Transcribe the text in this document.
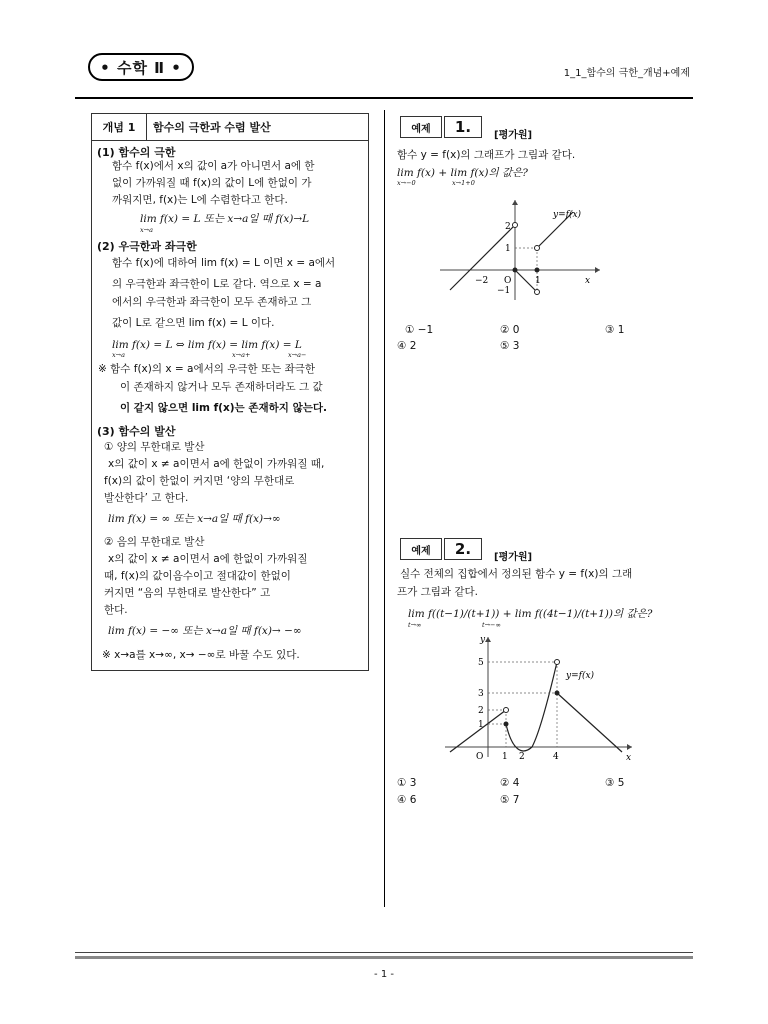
• 수학 Ⅱ •	1_1_함수의 극한_개념+예제
개념 1	함수의 극한과 수렴 발산
(1) 함수의 극한
함수 f(x)에서 x의 값이 a가 아니면서 a에 한
없이 가까워질 때 f(x)의 값이 L에 한없이 가
까워지면, f(x)는 L에 수렴한다고 한다.
lim f(x) = L 또는 x→a일 때 f(x)→L
x→a
(2) 우극한과 좌극한
함수 f(x)에 대하여 lim f(x) = L 이면 x = a에서
의 우극한과 좌극한이 L로 같다. 역으로 x = a
에서의 우극한과 좌극한이 모두 존재하고 그
값이 L로 같으면 lim f(x) = L 이다.
lim f(x) = L ⇔ lim f(x) = lim f(x) = L
x→a	x→a+	x→a−
※ 함수 f(x)의 x = a에서의 우극한 또는 좌극한
이 존재하지 않거나 모두 존재하더라도 그 값
이 같지 않으면 lim f(x)는 존재하지 않는다.
(3) 함수의 발산
① 양의 무한대로 발산
x의 값이 x ≠ a이면서 a에 한없이 가까워질 때,
f(x)의 값이 한없이 커지면 ‘양의 무한대로
발산한다’ 고 한다.
lim f(x) = ∞ 또는 x→a일 때 f(x)→∞
② 음의 무한대로 발산
x의 값이 x ≠ a이면서 a에 한없이 가까워질
때, f(x)의 값이음수이고 절대값이 한없이
커지면 “음의 무한대로 발산한다” 고
한다.
lim f(x) = −∞ 또는 x→a일 때 f(x)→ −∞
※ x→a를 x→∞, x→ −∞로 바꿀 수도 있다.
예제	1.	[평가원]
함수 y = f(x)의 그래프가 그림과 같다.
lim f(x) + lim f(x)의 값은?
x→−0	x→1+0
y=f(x)
−2 O	1
2
1
−1
x
① −1	② 0	③ 1
④ 2	⑤ 3
예제	2.	[평가원]
실수 전체의 집합에서 정의된 함수 y = f(x)의 그래
프가 그림과 같다.
lim f((t−1)/(t+1)) + lim f((4t−1)/(t+1))의 값은?
t→∞	t→−∞
y=f(x)
y
x
O 1 2	4
5
3
2
1
① 3	② 4	③ 5
④ 6	⑤ 7
- 1 -
